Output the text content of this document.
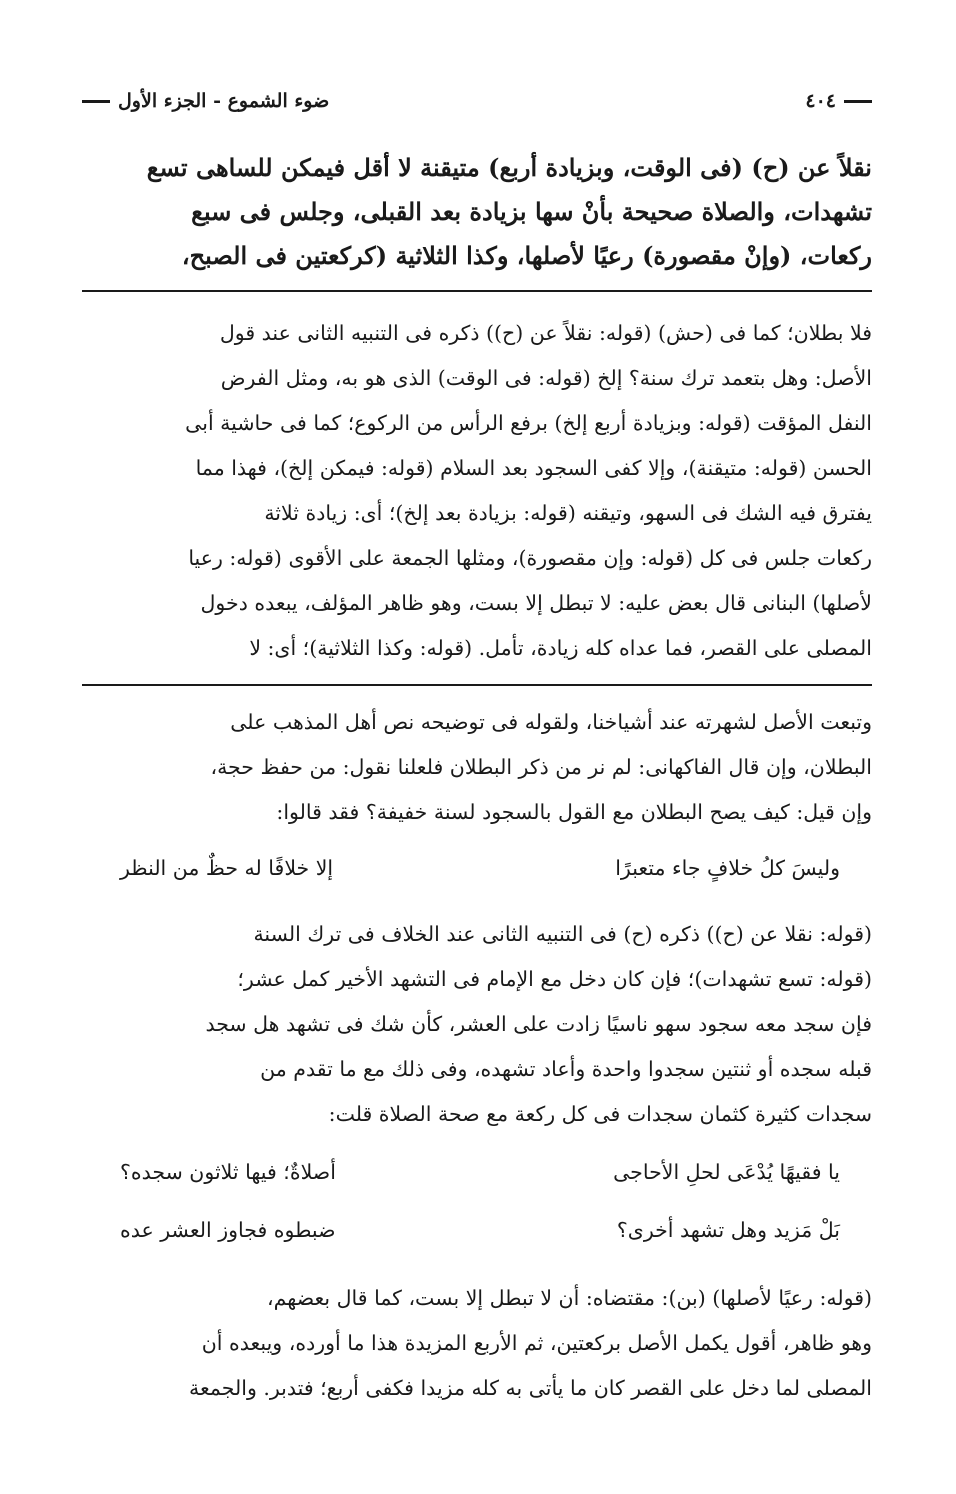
٤٠٤
ضوء الشموع - الجزء الأول
نقلاً عن (ح) (فى الوقت، وبزيادة أربع) متيقنة لا أقل فيمكن للساهى تسع
تشهدات، والصلاة صحيحة بأنْ سها بزيادة بعد القبلى، وجلس فى سبع
ركعات، (وإنْ مقصورة) رعيًا لأصلها، وكذا الثلاثية (كركعتين فى الصبح،
فلا بطلان؛ كما فى (حش) (قوله: نقلاً عن (ح)) ذكره فى التنبيه الثانى عند قول
الأصل: وهل بتعمد ترك سنة؟ إلخ (قوله: فى الوقت) الذى هو به، ومثل الفرض
النفل المؤقت (قوله: وبزيادة أربع إلخ) برفع الرأس من الركوع؛ كما فى حاشية أبى
الحسن (قوله: متيقنة)، وإلا كفى السجود بعد السلام (قوله: فيمكن إلخ)، فهذا مما
يفترق فيه الشك فى السهو، وتيقنه (قوله: بزيادة بعد إلخ)؛ أى: زيادة ثلاثة
ركعات جلس فى كل (قوله: وإن مقصورة)، ومثلها الجمعة على الأقوى (قوله: رعيا
لأصلها) البنانى قال بعض عليه: لا تبطل إلا بست، وهو ظاهر المؤلف، يبعده دخول
المصلى على القصر، فما عداه كله زيادة، تأمل. (قوله: وكذا الثلاثية)؛ أى: لا
وتبعت الأصل لشهرته عند أشياخنا، ولقوله فى توضيحه نص أهل المذهب على
البطلان، وإن قال الفاكهانى: لم نر من ذكر البطلان فلعلنا نقول: من حفظ حجة،
وإن قيل: كيف يصح البطلان مع القول بالسجود لسنة خفيفة؟ فقد قالوا:
وليسَ كلُ خلافٍ جاء متعبرًا
إلا خلافًا له حظٌ من النظر
(قوله: نقلا عن (ح)) ذكره (ح) فى التنبيه الثانى عند الخلاف فى ترك السنة
(قوله: تسع تشهدات)؛ فإن كان دخل مع الإمام فى التشهد الأخير كمل عشر؛
فإن سجد معه سجود سهو ناسيًا زادت على العشر، كأن شك فى تشهد هل سجد
قبله سجده أو ثنتين سجدوا واحدة وأعاد تشهده، وفى ذلك مع ما تقدم من
سجدات كثيرة كثمان سجدات فى كل ركعة مع صحة الصلاة قلت:
يا فقيهًا يُدْعَى لحلِ الأحاجى
أصلاةٌ؛ فيها ثلاثون سجده؟
بَلْ مَزيد وهل تشهد أخرى؟
ضبطوه فجاوز العشر عده
(قوله: رعيًا لأصلها) (بن): مقتضاه: أن لا تبطل إلا بست، كما قال بعضهم،
وهو ظاهر، أقول يكمل الأصل بركعتين، ثم الأربع المزيدة هذا ما أورده، ويبعده أن
المصلى لما دخل على القصر كان ما يأتى به كله مزيدا فكفى أربع؛ فتدبر. والجمعة
